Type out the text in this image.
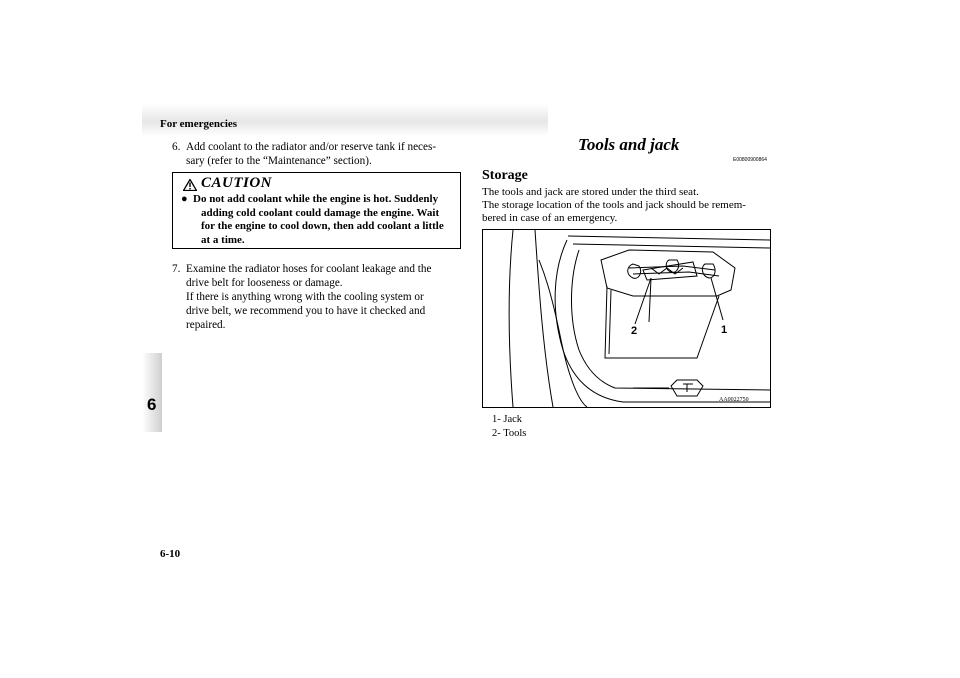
For emergencies
6
6. Add coolant to the radiator and/or reserve tank if neces-
sary (refer to the “Maintenance” section).
CAUTION
● Do not add coolant while the engine is hot. Suddenly
adding cold coolant could damage the engine. Wait
for the engine to cool down, then add coolant a little
at a time.
7. Examine the radiator hoses for coolant leakage and the
drive belt for looseness or damage.
If there is anything wrong with the cooling system or
drive belt, we recommend you to have it checked and
repaired.
Tools and jack
E00800900864
Storage
The tools and jack are stored under the third seat.
The storage location of the tools and jack should be remem-
bered in case of an emergency.
2	1
AA0022750
1- Jack
2- Tools
6-10
